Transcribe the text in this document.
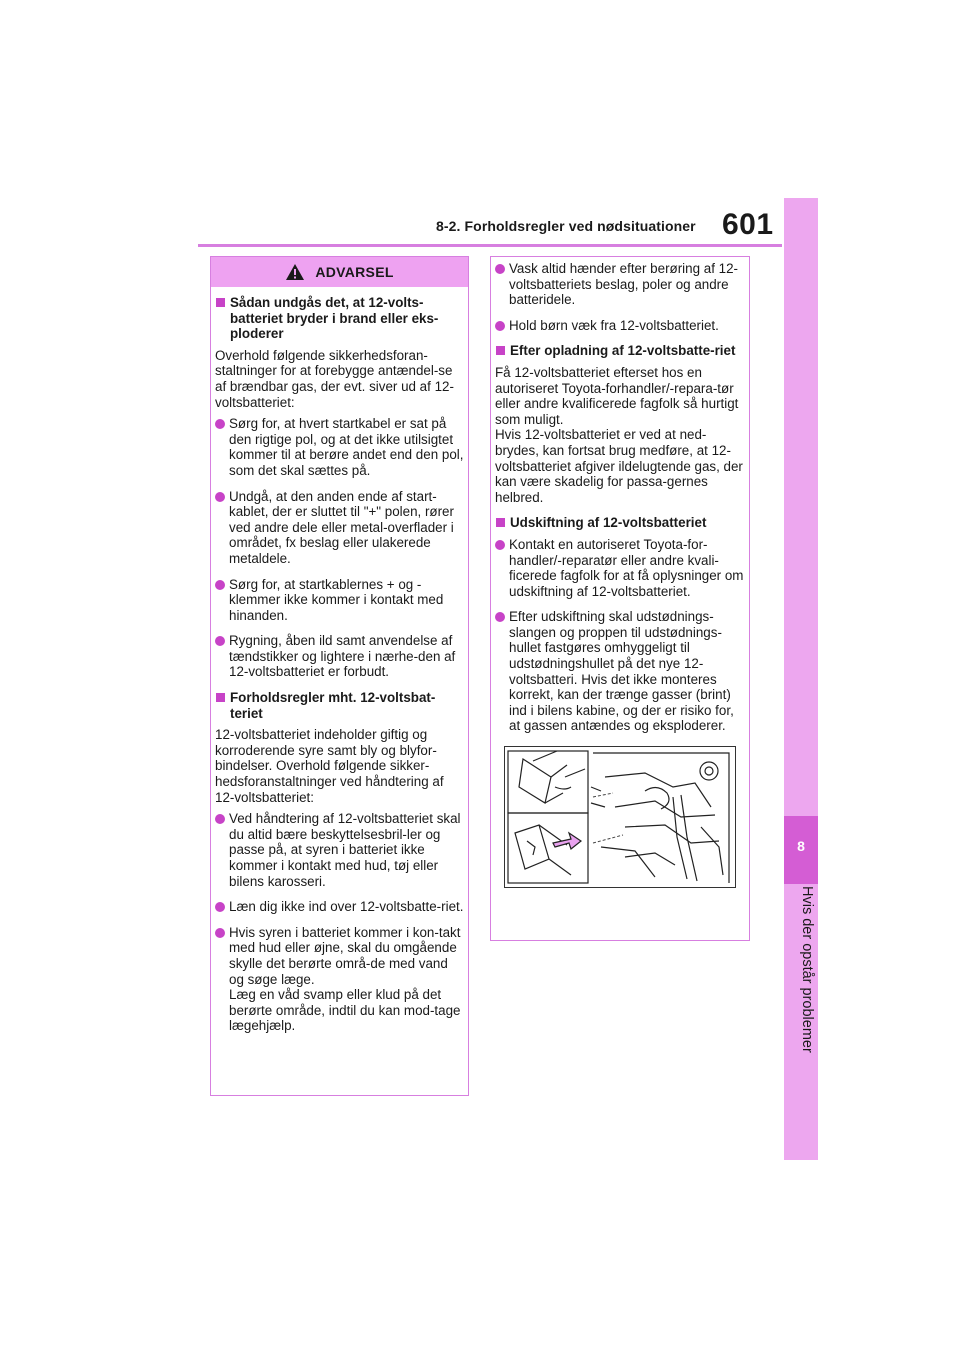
8-2. Forholdsregler ved nødsituationer 601
8
Hvis der opstår problemer
ADVARSEL
Sådan undgås det, at 12-volts-batteriet bryder i brand eller eks-ploderer
Overhold følgende sikkerhedsforan-staltninger for at forebygge antændel-se af brændbar gas, der evt. siver ud af 12-voltsbatteriet:
Sørg for, at hvert startkabel er sat på den rigtige pol, og at det ikke utilsigtet kommer til at berøre andet end den pol, som det skal sættes på.
Undgå, at den anden ende af start-kablet, der er sluttet til "+" polen, rører ved andre dele eller metal-overflader i området, fx beslag eller ulakerede metaldele.
Sørg for, at startkablernes + og - klemmer ikke kommer i kontakt med hinanden.
Rygning, åben ild samt anvendelse af tændstikker og lightere i nærhe-den af 12-voltsbatteriet er forbudt.
Forholdsregler mht. 12-voltsbat-teriet
12-voltsbatteriet indeholder giftig og korroderende syre samt bly og blyfor-bindelser. Overhold følgende sikker-hedsforanstaltninger ved håndtering af 12-voltsbatteriet:
Ved håndtering af 12-voltsbatteriet skal du altid bære beskyttelsesbril-ler og passe på, at syren i batteriet ikke kommer i kontakt med hud, tøj eller bilens karosseri.
Læn dig ikke ind over 12-voltsbatte-riet.
Hvis syren i batteriet kommer i kon-takt med hud eller øjne, skal du omgående skylle det berørte områ-de med vand og søge læge.
Læg en våd svamp eller klud på det berørte område, indtil du kan mod-tage lægehjælp.
Vask altid hænder efter berøring af 12-voltsbatteriets beslag, poler og andre batteridele.
Hold børn væk fra 12-voltsbatteriet.
Efter opladning af 12-voltsbatte-riet
Få 12-voltsbatteriet efterset hos en autoriseret Toyota-forhandler/-repara-tør eller andre kvalificerede fagfolk så hurtigt som muligt.
Hvis 12-voltsbatteriet er ved at ned-brydes, kan fortsat brug medføre, at 12-voltsbatteriet afgiver ildelugtende gas, der kan være skadelig for passa-gernes helbred.
Udskiftning af 12-voltsbatteriet
Kontakt en autoriseret Toyota-for-handler/-reparatør eller andre kvali-ficerede fagfolk for at få oplysninger om udskiftning af 12-voltsbatteriet.
Efter udskiftning skal udstødnings-slangen og proppen til udstødnings-hullet fastgøres omhyggeligt til udstødningshullet på det nye 12-voltsbatteri. Hvis det ikke monteres korrekt, kan der trænge gasser (brint) ind i bilens kabine, og der er risiko for, at gassen antændes og eksploderer.
